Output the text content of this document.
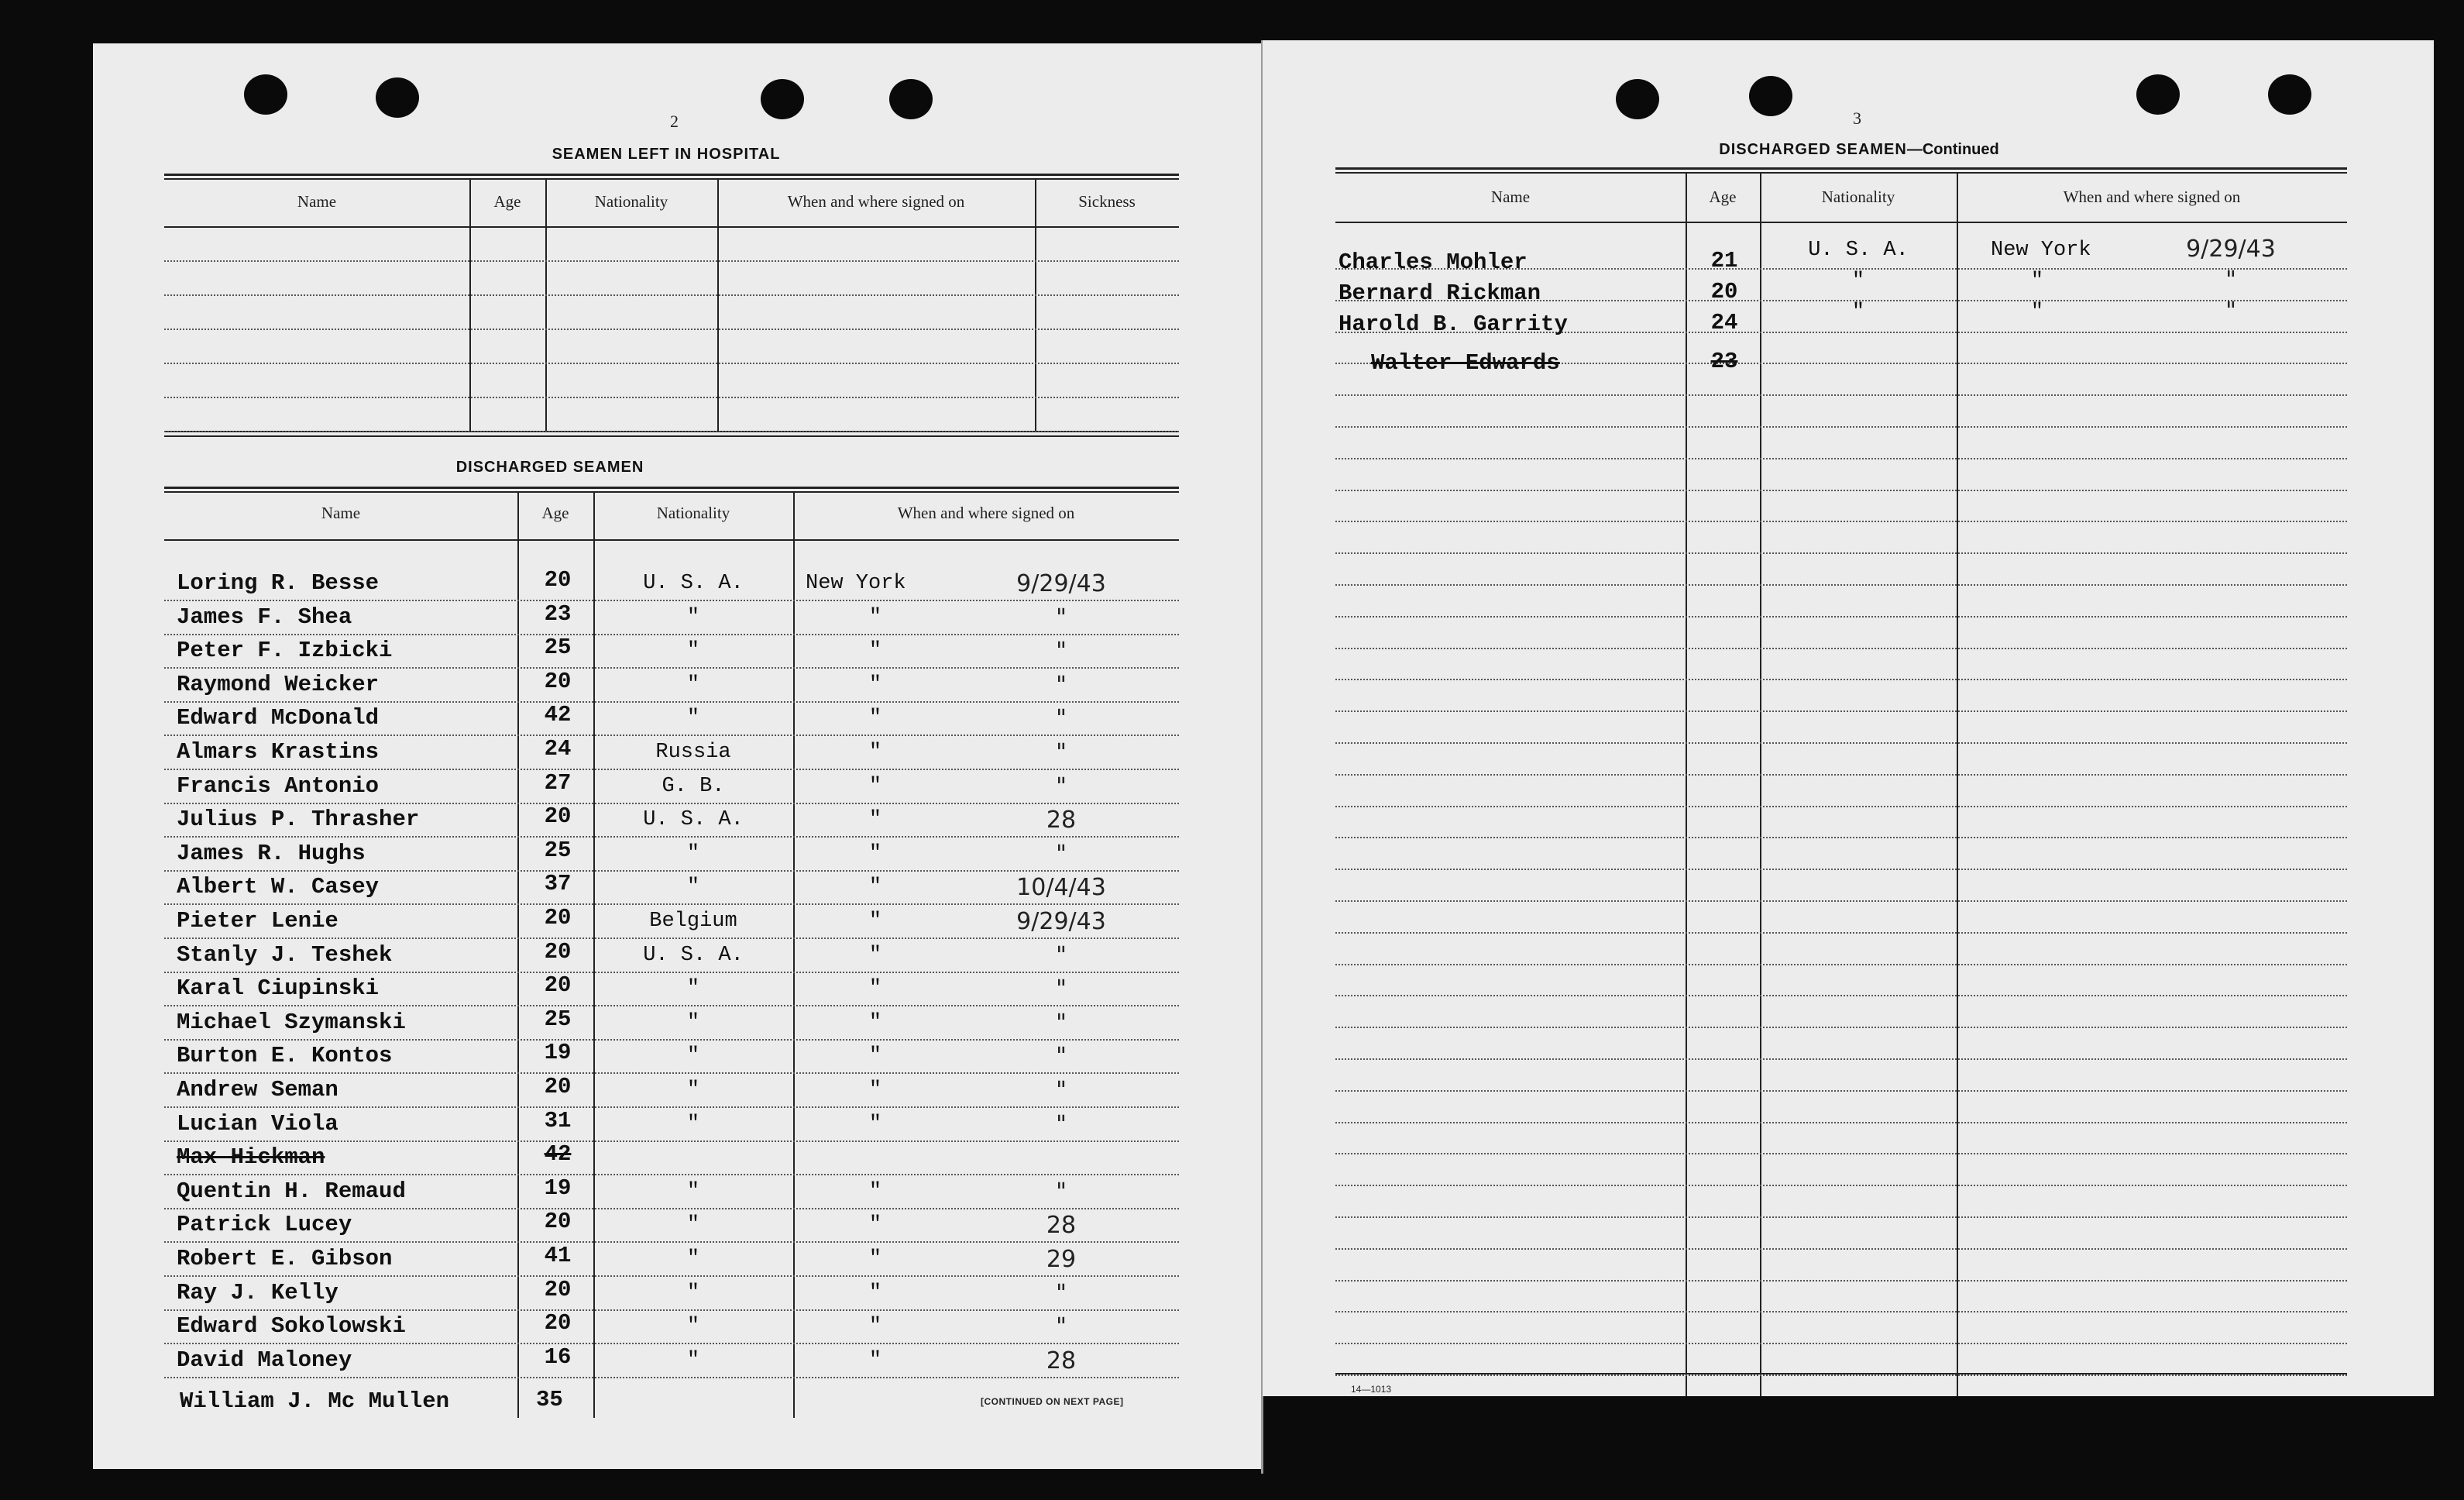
2
SEAMEN LEFT IN HOSPITAL
Name	Age	Nationality	When and where signed on	Sickness
DISCHARGED SEAMEN
Name	Age	Nationality	When and where signed on
Loring R. Besse	20	U. S. A.	New York	9/29/43
James F. Shea	23	"	"	"
Peter F. Izbicki	25	"	"	"
Raymond Weicker	20	"	"	"
Edward McDonald	42	"	"	"
Almars Krastins	24	Russia	"	"
Francis Antonio	27	G. B.	"	"
Julius P. Thrasher	20	U. S. A.	"	28
James R. Hughs	25	"	"	"
Albert W. Casey	37	"	"	10/4/43
Pieter Lenie	20	Belgium	"	9/29/43
Stanly J. Teshek	20	U. S. A.	"	"
Karal Ciupinski	20	"	"	"
Michael Szymanski	25	"	"	"
Burton E. Kontos	19	"	"	"
Andrew Seman	20	"	"	"
Lucian Viola	31	"	"	"
Max Hickman	42
Quentin H. Remaud	19	"	"	"
Patrick Lucey	20	"	"	28
Robert E. Gibson	41	"	"	29
Ray J. Kelly	20	"	"	"
Edward Sokolowski	20	"	"	"
David Maloney	16	"	"	28
William J. Mc Mullen	35	[CONTINUED ON NEXT PAGE]
3
DISCHARGED SEAMEN—Continued
Name	Age	Nationality	When and where signed on
Charles Mohler	21	U. S. A.	New York	9/29/43
Bernard Rickman	20	"	"	"
Harold B. Garrity	24	"	"	"
Walter Edwards	23
14—1013
